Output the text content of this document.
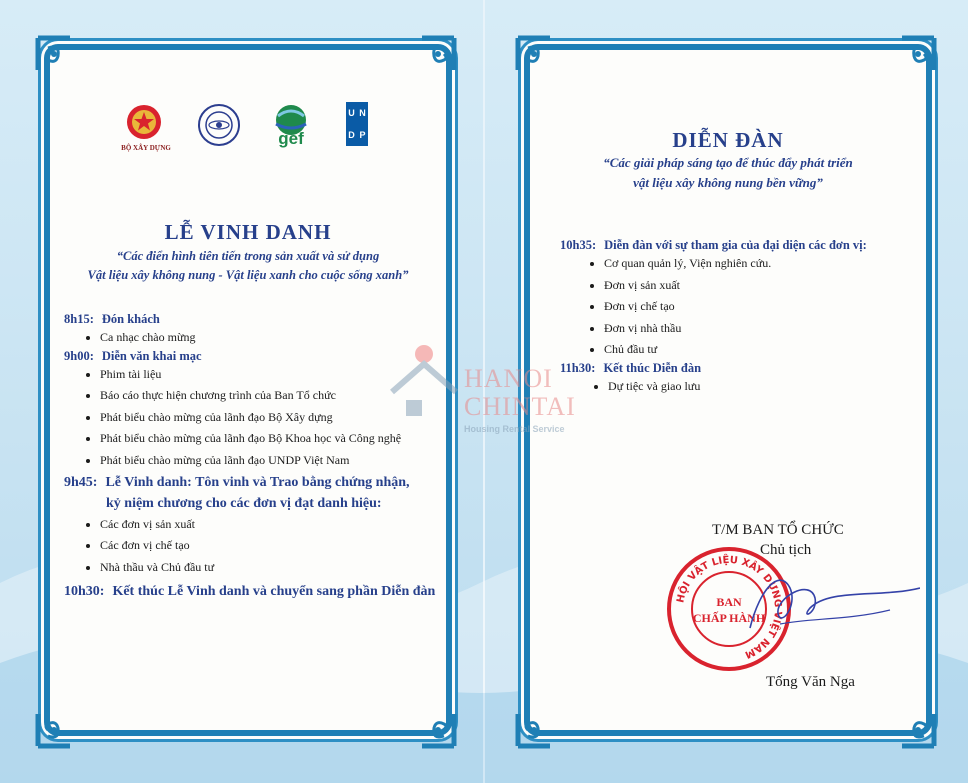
BỘ XÂY DỰNG	gef
U N
D P
LỄ VINH DANH
“Các điển hình tiên tiến trong sản xuất và sử dụng
Vật liệu xây không nung - Vật liệu xanh cho cuộc sống xanh”

8h15: Đón khách

• Ca nhạc chào mừng

9h00: Diễn văn khai mạc

• Phim tài liệu
• Báo cáo thực hiện chương trình của Ban Tổ chức
• Phát biểu chào mừng của lãnh đạo Bộ Xây dựng
• Phát biểu chào mừng của lãnh đạo Bộ Khoa học và Công nghệ
• Phát biểu chào mừng của lãnh đạo UNDP Việt Nam

9h45: Lễ Vinh danh: Tôn vinh và Trao bằng chứng nhận,

kỷ niệm chương cho các đơn vị đạt danh hiệu:

• Các đơn vị sản xuất
• Các đơn vị chế tạo
• Nhà thầu và Chủ đầu tư

10h30: Kết thúc Lễ Vinh danh và chuyển sang phần Diễn đàn

DIỄN ĐÀN
“Các giải pháp sáng tạo để thúc đẩy phát triển
vật liệu xây không nung bền vững”

10h35: Diễn đàn với sự tham gia của đại diện các đơn vị:

• Cơ quan quản lý, Viện nghiên cứu.
• Đơn vị sản xuất
• Đơn vị chế tạo
• Đơn vị nhà thầu
• Chủ đầu tư

11h30: Kết thúc Diễn đàn

• Dự tiệc và giao lưu
T/M BAN TỔ CHỨC
Chủ tịch
HỘI VẬT LIỆU XÂY DỰNG VIỆT NAM
BAN
CHẤP HÀNH
Tống Văn Nga
HANOI
CHINTAI
Housing Rental Service
